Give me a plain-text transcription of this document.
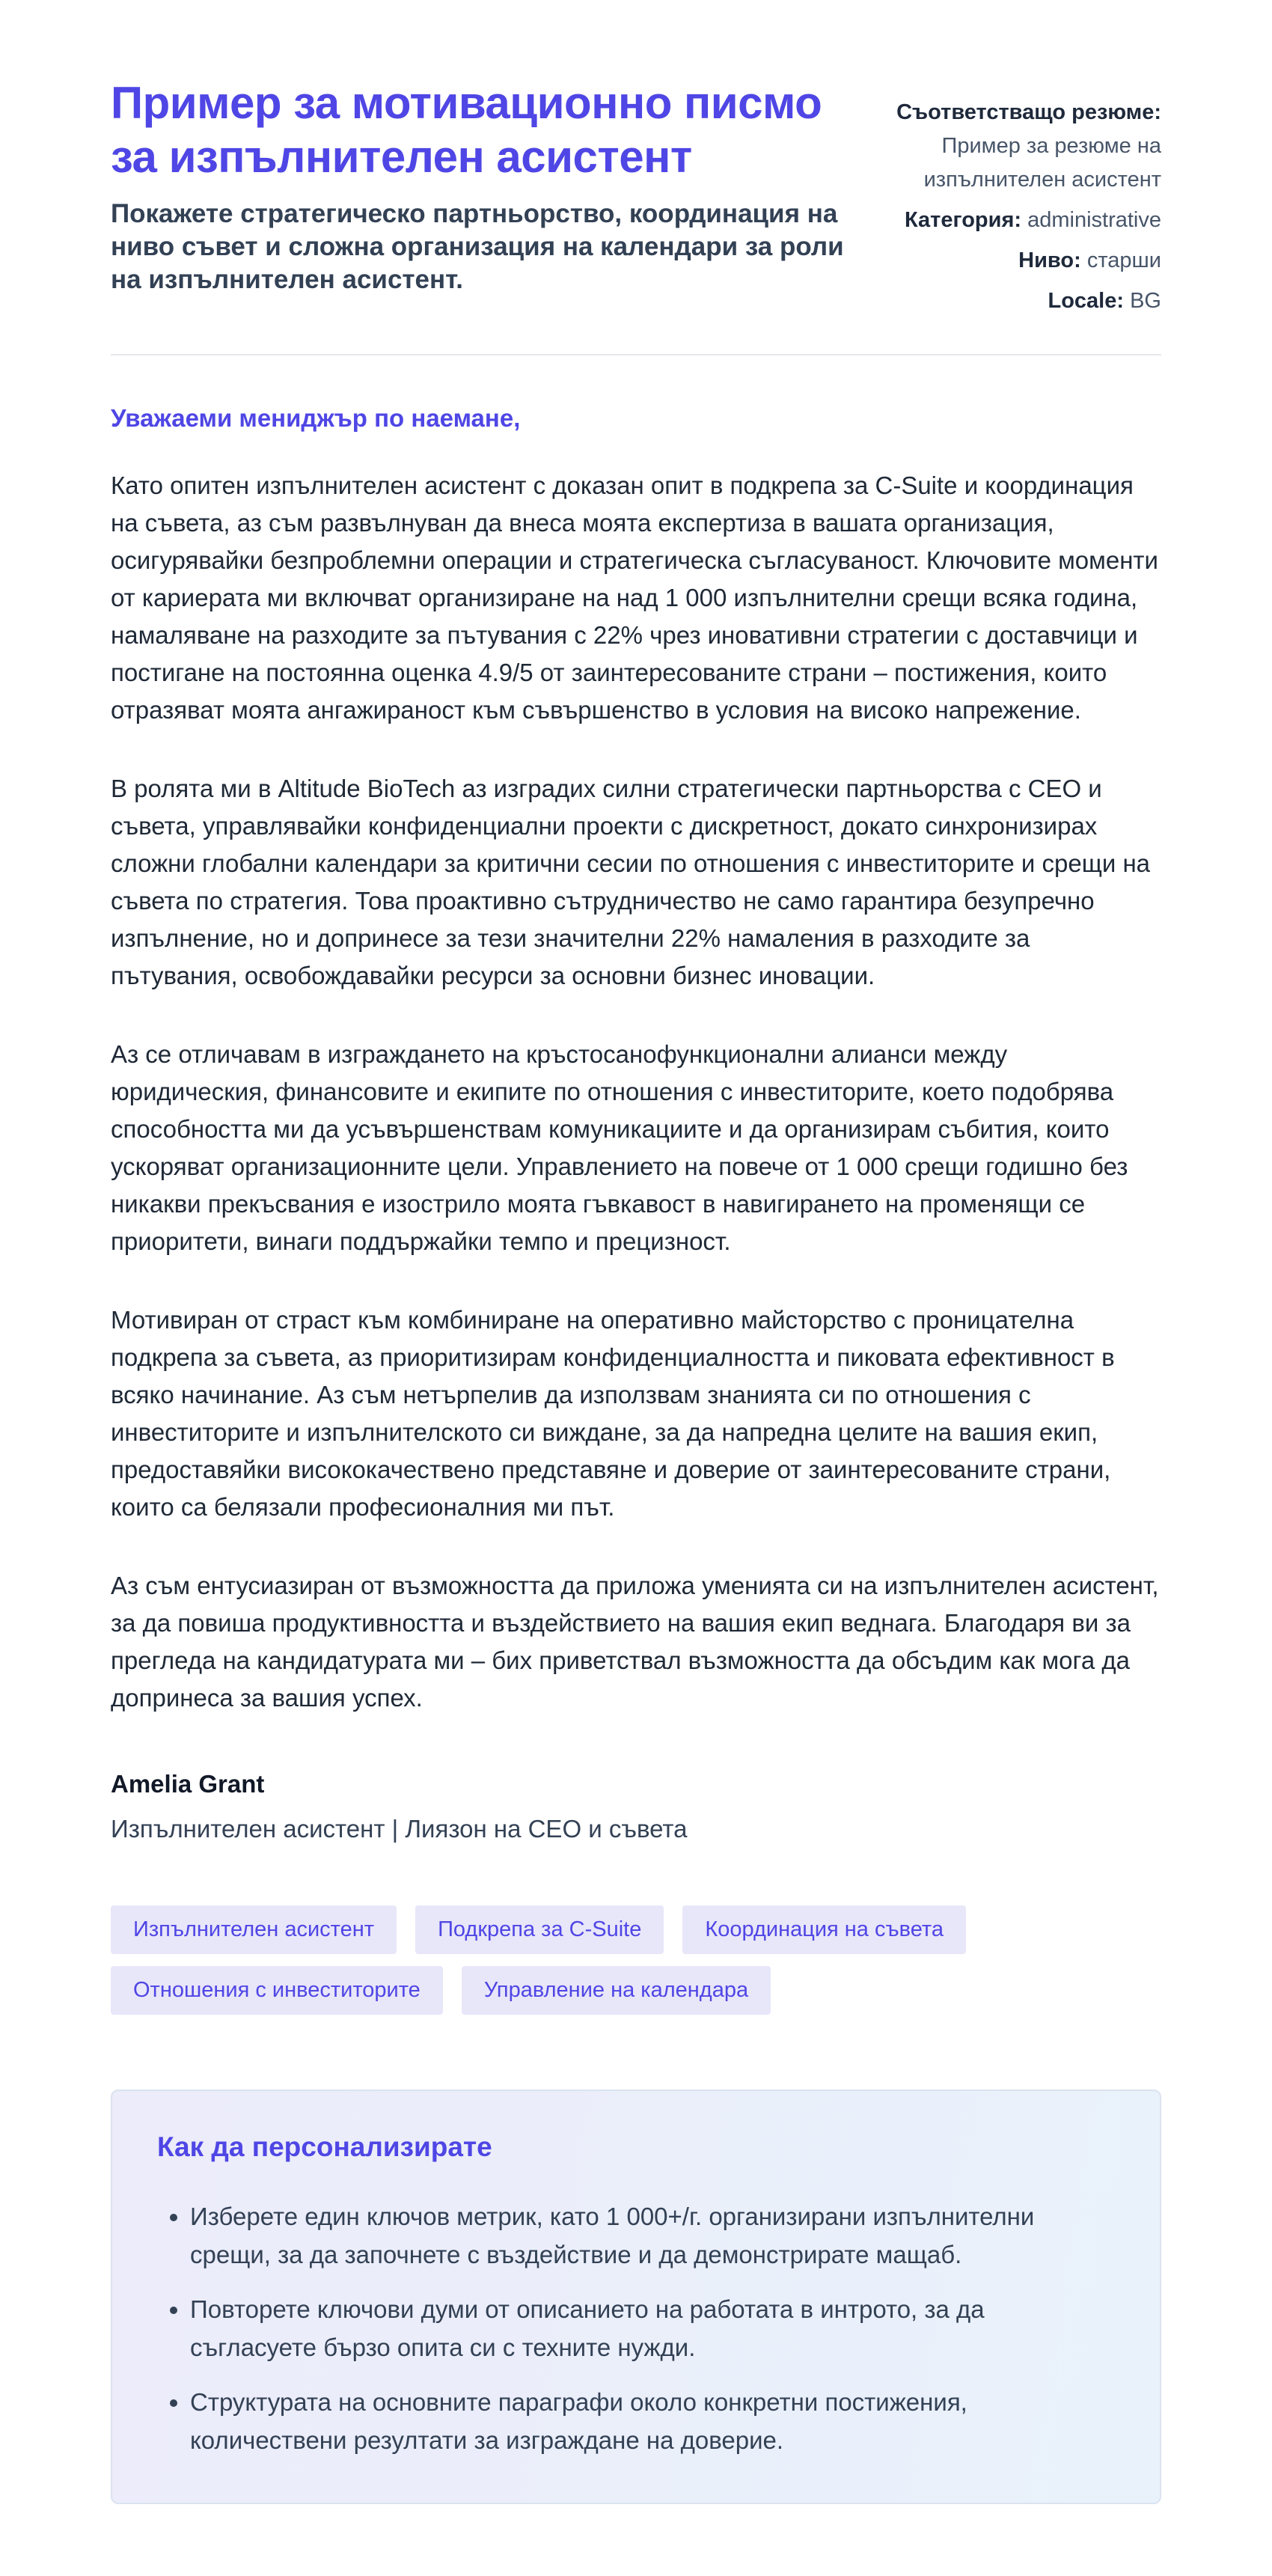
Пример за мотивационно писмо за изпълнителен асистент

Покажете стратегическо партньорство, координация на ниво съвет и сложна организация на календари за роли на изпълнителен асистент.

Съответстващо резюме:
Пример за резюме на изпълнителен асистент
Категория: administrative
Ниво: старши
Locale: BG

Уважаеми мениджър по наемане,

Като опитен изпълнителен асистент с доказан опит в подкрепа за C-Suite и координация на съвета, аз съм развълнуван да внеса моята експертиза в вашата организация, осигурявайки безпроблемни операции и стратегическа съгласуваност. Ключовите моменти от кариерата ми включват организиране на над 1 000 изпълнителни срещи всяка година, намаляване на разходите за пътувания с 22% чрез иновативни стратегии с доставчици и постигане на постоянна оценка 4.9/5 от заинтересованите страни – постижения, които отразяват моята ангажираност към съвършенство в условия на високо напрежение.

В ролята ми в Altitude BioTech аз изградих силни стратегически партньорства с CEO и съвета, управлявайки конфиденциални проекти с дискретност, докато синхронизирах сложни глобални календари за критични сесии по отношения с инвеститорите и срещи на съвета по стратегия. Това проактивно сътрудничество не само гарантира безупречно изпълнение, но и допринесе за тези значителни 22% намаления в разходите за пътувания, освобождавайки ресурси за основни бизнес иновации.

Аз се отличавам в изграждането на кръстосанофункционални алианси между юридическия, финансовите и екипите по отношения с инвеститорите, което подобрява способността ми да усъвършенствам комуникациите и да организирам събития, които ускоряват организационните цели. Управлението на повече от 1 000 срещи годишно без никакви прекъсвания е изострило моята гъвкавост в навигирането на променящи се приоритети, винаги поддържайки темпо и прецизност.

Мотивиран от страст към комбиниране на оперативно майсторство с проницателна подкрепа за съвета, аз приоритизирам конфиденциалността и пиковата ефективност в всяко начинание. Аз съм нетърпелив да използвам знанията си по отношения с инвеститорите и изпълнителското си виждане, за да напредна целите на вашия екип, предоставяйки висококачествено представяне и доверие от заинтересованите страни, които са белязали професионалния ми път.

Аз съм ентусиазиран от възможността да приложа уменията си на изпълнителен асистент, за да повиша продуктивността и въздействието на вашия екип веднага. Благодаря ви за прегледа на кандидатурата ми – бих приветствал възможността да обсъдим как мога да допринеса за вашия успех.

Amelia Grant

Изпълнителен асистент | Лиязон на CEO и съвета

Изпълнителен асистент	Подкрепа за C-Suite	Координация на съвета
Отношения с инвеститорите	Управление на календара
Как да персонализирате
• Изберете един ключов метрик, като 1 000+/г. организирани изпълнителни срещи, за да започнете с въздействие и да демонстрирате мащаб.
• Повторете ключови думи от описанието на работата в интрото, за да съгласуете бързо опита си с техните нужди.
• Структурата на основните параграфи около конкретни постижения, количествени резултати за изграждане на доверие.
